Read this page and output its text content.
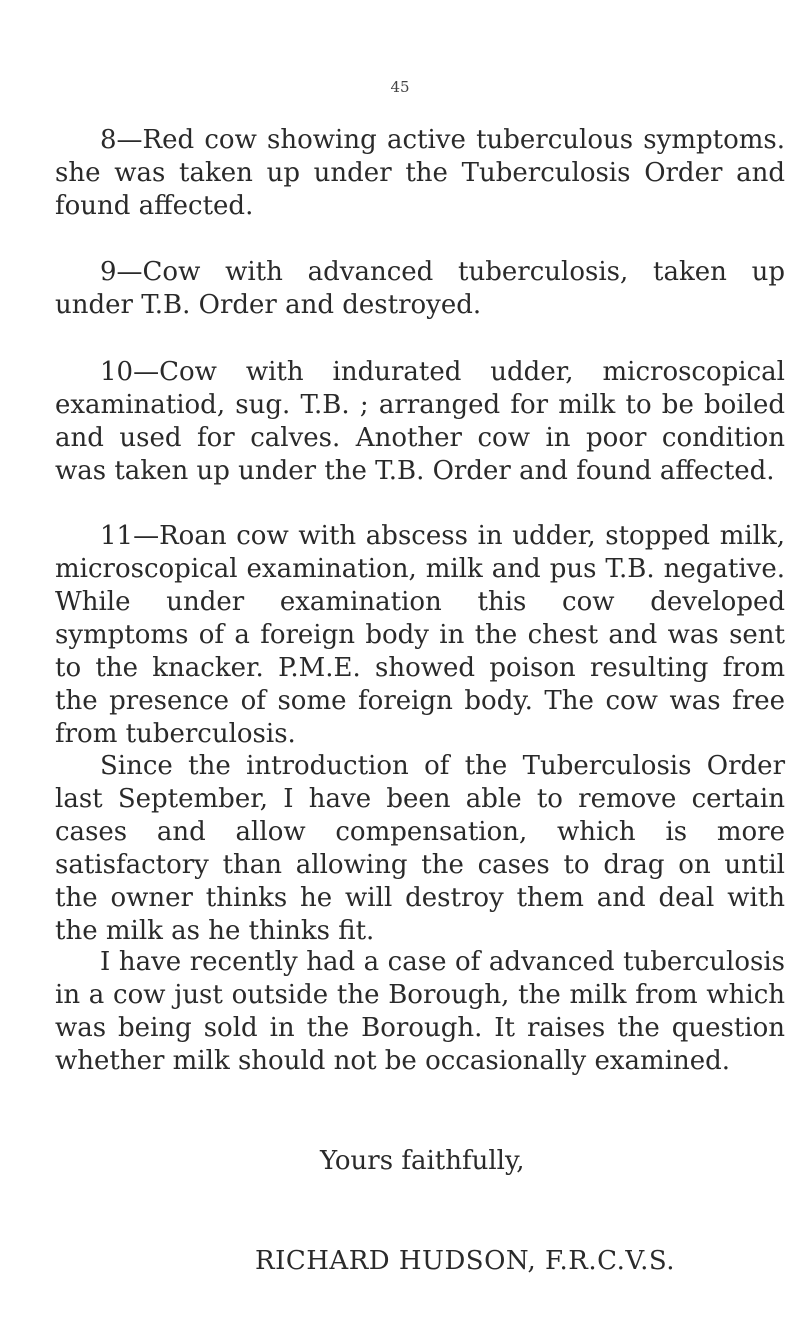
45

8—Red cow showing active tuberculous symptoms. she was taken up under the Tuberculosis Order and found affected.

9—Cow with advanced tuberculosis, taken up under T.B. Order and destroyed.

10—Cow with indurated udder, microscopical examinatiod, sug. T.B. ; arranged for milk to be boiled and used for calves. Another cow in poor condition was taken up under the T.B. Order and found affected.

11—Roan cow with abscess in udder, stopped milk, microscopical examination, milk and pus T.B. negative. While under examination this cow developed symptoms of a foreign body in the chest and was sent to the knacker. P.M.E. showed poison resulting from the presence of some foreign body. The cow was free from tuberculosis.

Since the introduction of the Tuberculosis Order last September, I have been able to remove certain cases and allow compensation, which is more satisfactory than allowing the cases to drag on until the owner thinks he will destroy them and deal with the milk as he thinks fit.

I have recently had a case of advanced tuberculosis in a cow just outside the Borough, the milk from which was being sold in the Borough. It raises the question whether milk should not be occasionally examined.

Yours faithfully,
RICHARD HUDSON, F.R.C.V.S.
